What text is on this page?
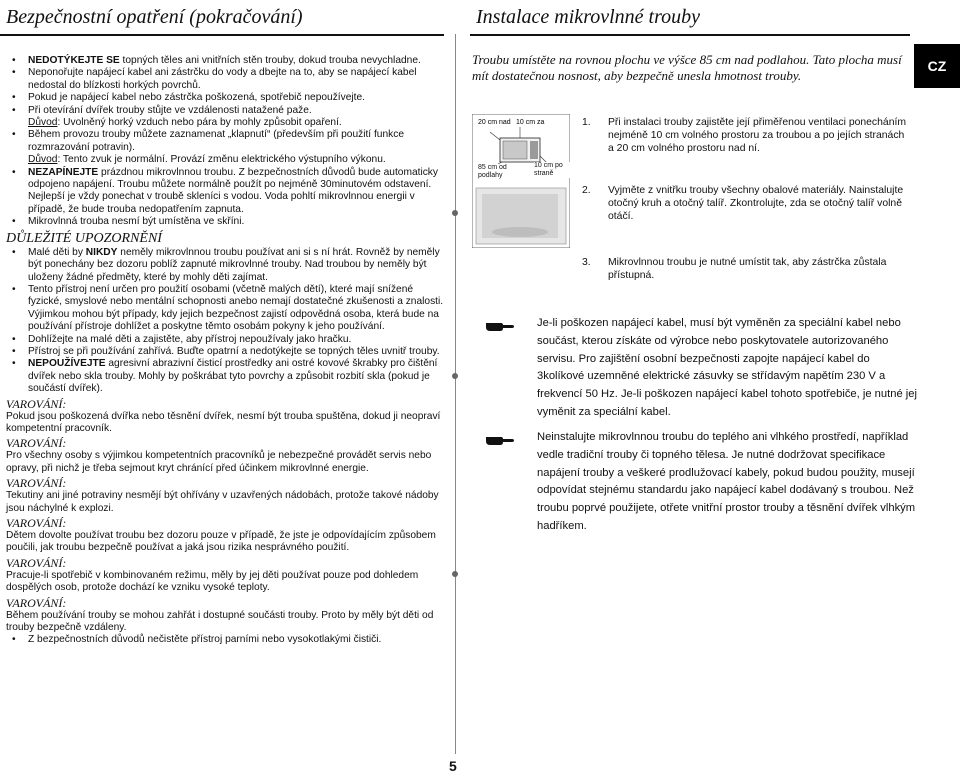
Bezpečnostní opatření (pokračování)	Instalace mikrovlnné trouby
CZ
5

• NEDOTÝKEJTE SE topných těles ani vnitřních stěn trouby, dokud trouba nevychladne.

• Neponořujte napájecí kabel ani zástrčku do vody a dbejte na to, aby se napájecí kabel nedostal do blízkosti horkých povrchů.

• Pokud je napájecí kabel nebo zástrčka poškozená, spotřebič nepoužívejte.

• Při otevírání dvířek trouby stůjte ve vzdálenosti natažené paže.

Důvod: Uvolněný horký vzduch nebo pára by mohly způsobit opaření.

• Během provozu trouby můžete zaznamenat „klapnutí“ (především při použití funkce rozmrazování potravin).

Důvod: Tento zvuk je normální. Provází změnu elektrického výstupního výkonu.

• NEZAPÍNEJTE prázdnou mikrovlnnou troubu. Z bezpečnostních důvodů bude automaticky odpojeno napájení. Troubu můžete normálně použít po nejméně 30minutovém odstavení.

Nejlepší je vždy ponechat v troubě skleníci s vodou. Voda pohltí mikrovlnnou energii v případě, že bude trouba nedopatřením zapnuta.

• Mikrovlnná trouba nesmí být umístěna ve skříni.

DŮLEŽITÉ UPOZORNĚNÍ

• Malé děti by NIKDY neměly mikrovlnnou troubu používat ani si s ní hrát. Rovněž by neměly být ponechány bez dozoru poblíž zapnuté mikrovlnné trouby. Nad troubou by neměly být uloženy žádné předměty, které by mohly děti zajímat.

• Tento přístroj není určen pro použití osobami (včetně malých dětí), které mají snížené fyzické, smyslové nebo mentální schopnosti anebo nemají dostatečné zkušenosti a znalosti. Výjimkou mohou být případy, kdy jejich bezpečnost zajistí odpovědná osoba, která bude na používání přístroje dohlížet a poskytne těmto osobám pokyny k jeho používání.

• Dohlížejte na malé děti a zajistěte, aby přístroj nepoužívaly jako hračku.

• Přístroj se při používání zahřívá. Buďte opatrní a nedotýkejte se topných těles uvnitř trouby.

• NEPOUŽÍVEJTE agresivní abrazivní čisticí prostředky ani ostré kovové škrabky pro čištění dvířek nebo skla trouby. Mohly by poškrábat tyto povrchy a způsobit rozbití skla (pokud je součástí dvířek).

VAROVÁNÍ:

Pokud jsou poškozená dvířka nebo těsnění dvířek, nesmí být trouba spuštěna, dokud ji neopraví kompetentní pracovník.

VAROVÁNÍ:

Pro všechny osoby s výjimkou kompetentních pracovníků je nebezpečné provádět servis nebo opravy, při nichž je třeba sejmout kryt chránící před účinkem mikrovlnné energie.

VAROVÁNÍ:

Tekutiny ani jiné potraviny nesmějí být ohřívány v uzavřených nádobách, protože takové nádoby jsou náchylné k explozi.

VAROVÁNÍ:

Dětem dovolte používat troubu bez dozoru pouze v případě, že jste je odpovídajícím způsobem poučili, jak troubu bezpečně používat a jaká jsou rizika nesprávného použití.

VAROVÁNÍ:

Pracuje-li spotřebič v kombinovaném režimu, měly by jej děti používat pouze pod dohledem dospělých osob, protože dochází ke vzniku vysoké teploty.

VAROVÁNÍ:

Během používání trouby se mohou zahřát i dostupné součásti trouby. Proto by měly být děti od trouby bezpečně vzdáleny.

• Z bezpečnostních důvodů nečistěte přístroj parními nebo vysokotlakými čističi.

Troubu umístěte na rovnou plochu ve výšce 85 cm nad podlahou. Tato plocha musí mít dostatečnou nosnost, aby bezpečně unesla hmotnost trouby.

20 cm nad 10 cm za
10 cm po straně
85 cm od podlahy
1. Při instalaci trouby zajistěte její přiměřenou ventilaci ponecháním nejméně 10 cm volného prostoru za troubou a po jejích stranách a 20 cm volného prostoru nad ní.
2. Vyjměte z vnitřku trouby všechny obalové materiály. Nainstalujte otočný kruh a otočný talíř. Zkontrolujte, zda se otočný talíř volně otáčí.
3. Mikrovlnnou troubu je nutné umístit tak, aby zástrčka zůstala přístupná.

Je-li poškozen napájecí kabel, musí být vyměněn za speciální kabel nebo součást, kterou získáte od výrobce nebo poskytovatele autorizovaného servisu. Pro zajištění osobní bezpečnosti zapojte napájecí kabel do 3kolíkové uzemněné elektrické zásuvky se střídavým napětím 230 V a frekvencí 50 Hz. Je-li poškozen napájecí kabel tohoto spotřebiče, je nutné jej vyměnit za speciální kabel.

Neinstalujte mikrovlnnou troubu do teplého ani vlhkého prostředí, například vedle tradiční trouby či topného tělesa. Je nutné dodržovat specifikace napájení trouby a veškeré prodlužovací kabely, pokud budou použity, musejí odpovídat stejnému standardu jako napájecí kabel dodávaný s troubou. Než troubu poprvé použijete, otřete vnitřní prostor trouby a těsnění dvířek vlhkým hadříkem.
